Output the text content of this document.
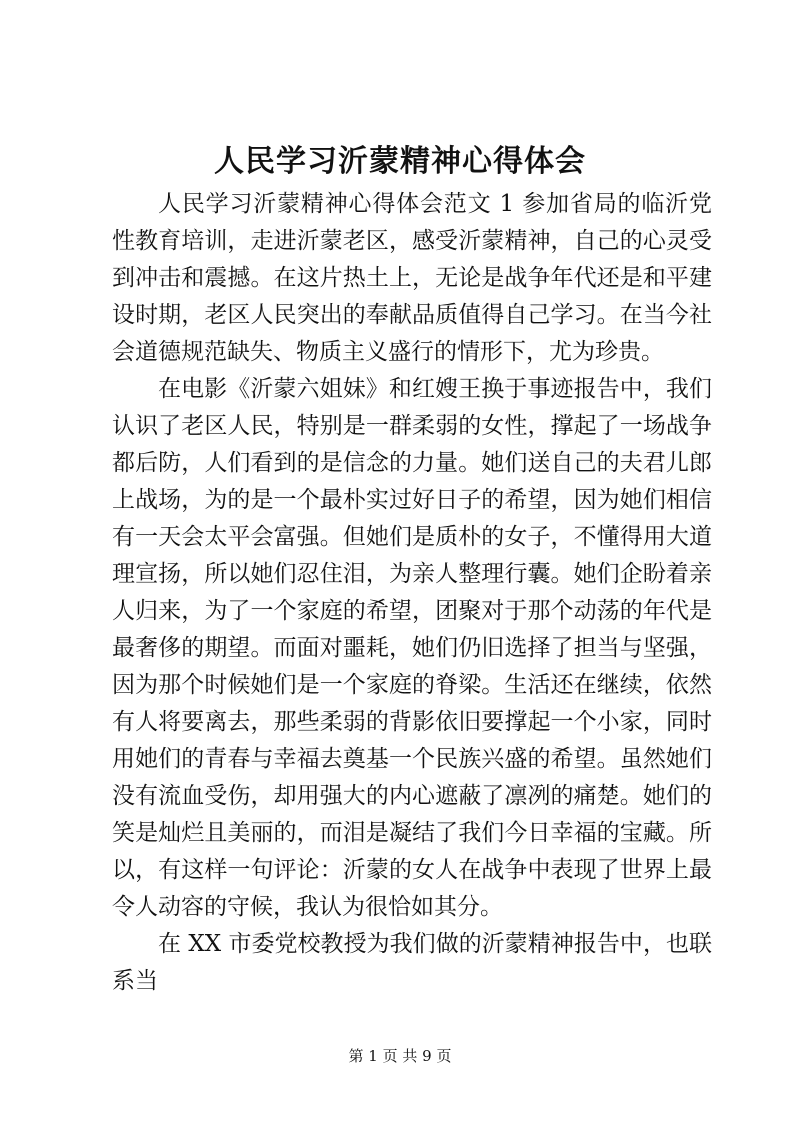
人民学习沂蒙精神心得体会

人民学习沂蒙精神心得体会范文 1 参加省局的临沂党性教育培训，走进沂蒙老区，感受沂蒙精神，自己的心灵受到冲击和震撼。在这片热土上，无论是战争年代还是和平建设时期，老区人民突出的奉献品质值得自己学习。在当今社会道德规范缺失、物质主义盛行的情形下，尤为珍贵。

在电影《沂蒙六姐妹》和红嫂王换于事迹报告中，我们认识了老区人民，特别是一群柔弱的女性，撑起了一场战争都后防，人们看到的是信念的力量。她们送自己的夫君儿郎上战场，为的是一个最朴实过好日子的希望，因为她们相信有一天会太平会富强。但她们是质朴的女子，不懂得用大道理宣扬，所以她们忍住泪，为亲人整理行囊。她们企盼着亲人归来，为了一个家庭的希望，团聚对于那个动荡的年代是最奢侈的期望。而面对噩耗，她们仍旧选择了担当与坚强，因为那个时候她们是一个家庭的脊梁。生活还在继续，依然有人将要离去，那些柔弱的背影依旧要撑起一个小家，同时用她们的青春与幸福去奠基一个民族兴盛的希望。虽然她们没有流血受伤，却用强大的内心遮蔽了凛冽的痛楚。她们的笑是灿烂且美丽的，而泪是凝结了我们今日幸福的宝藏。所以，有这样一句评论：沂蒙的女人在战争中表现了世界上最令人动容的守候，我认为很恰如其分。

在 XX 市委党校教授为我们做的沂蒙精神报告中，也联系当

第 1 页 共 9 页
